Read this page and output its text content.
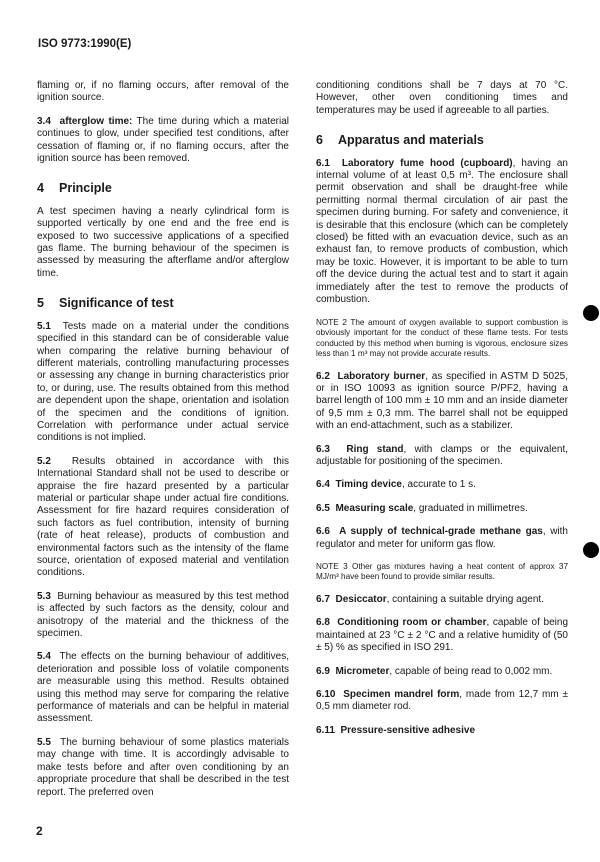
ISO 9773:1990(E)

flaming or, if no flaming occurs, after removal of the ignition source.

3.4 afterglow time: The time during which a material continues to glow, under specified test conditions, after cessation of flaming or, if no flaming occurs, after the ignition source has been removed.

4 Principle

A test specimen having a nearly cylindrical form is supported vertically by one end and the free end is exposed to two successive applications of a specified gas flame. The burning behaviour of the specimen is assessed by measuring the afterflame and/or afterglow time.

5 Significance of test

5.1 Tests made on a material under the conditions specified in this standard can be of considerable value when comparing the relative burning behaviour of different materials, controlling manufacturing processes or assessing any change in burning characteristics prior to, or during, use. The results obtained from this method are dependent upon the shape, orientation and isolation of the specimen and the conditions of ignition. Correlation with performance under actual service conditions is not implied.

5.2 Results obtained in accordance with this International Standard shall not be used to describe or appraise the fire hazard presented by a particular material or particular shape under actual fire conditions. Assessment for fire hazard requires consideration of such factors as fuel contribution, intensity of burning (rate of heat release), products of combustion and environmental factors such as the intensity of the flame source, orientation of exposed material and ventilation conditions.

5.3 Burning behaviour as measured by this test method is affected by such factors as the density, colour and anisotropy of the material and the thickness of the specimen.

5.4 The effects on the burning behaviour of additives, deterioration and possible loss of volatile components are measurable using this method. Results obtained using this method may serve for comparing the relative performance of materials and can be helpful in material assessment.

5.5 The burning behaviour of some plastics materials may change with time. It is accordingly advisable to make tests before and after oven conditioning by an appropriate procedure that shall be described in the test report. The preferred oven

conditioning conditions shall be 7 days at 70 °C. However, other oven conditioning times and temperatures may be used if agreeable to all parties.

6 Apparatus and materials

6.1 Laboratory fume hood (cupboard), having an internal volume of at least 0,5 m³. The enclosure shall permit observation and shall be draught-free while permitting normal thermal circulation of air past the specimen during burning. For safety and convenience, it is desirable that this enclosure (which can be completely closed) be fitted with an evacuation device, such as an exhaust fan, to remove products of combustion, which may be toxic. However, it is important to be able to turn off the device during the actual test and to start it again immediately after the test to remove the products of combustion.

NOTE 2 The amount of oxygen available to support combustion is obviously important for the conduct of these flame tests. For tests conducted by this method when burning is vigorous, enclosure sizes less than 1 m³ may not provide accurate results.

6.2 Laboratory burner, as specified in ASTM D 5025, or in ISO 10093 as ignition source P/PF2, having a barrel length of 100 mm ± 10 mm and an inside diameter of 9,5 mm ± 0,3 mm. The barrel shall not be equipped with an end-attachment, such as a stabilizer.

6.3 Ring stand, with clamps or the equivalent, adjustable for positioning of the specimen.

6.4 Timing device, accurate to 1 s.

6.5 Measuring scale, graduated in millimetres.

6.6 A supply of technical-grade methane gas, with regulator and meter for uniform gas flow.

NOTE 3 Other gas mixtures having a heat content of approx 37 MJ/m³ have been found to provide similar results.

6.7 Desiccator, containing a suitable drying agent.

6.8 Conditioning room or chamber, capable of being maintained at 23 °C ± 2 °C and a relative humidity of (50 ± 5) % as specified in ISO 291.

6.9 Micrometer, capable of being read to 0,002 mm.

6.10 Specimen mandrel form, made from 12,7 mm ± 0,5 mm diameter rod.

6.11 Pressure-sensitive adhesive

2
